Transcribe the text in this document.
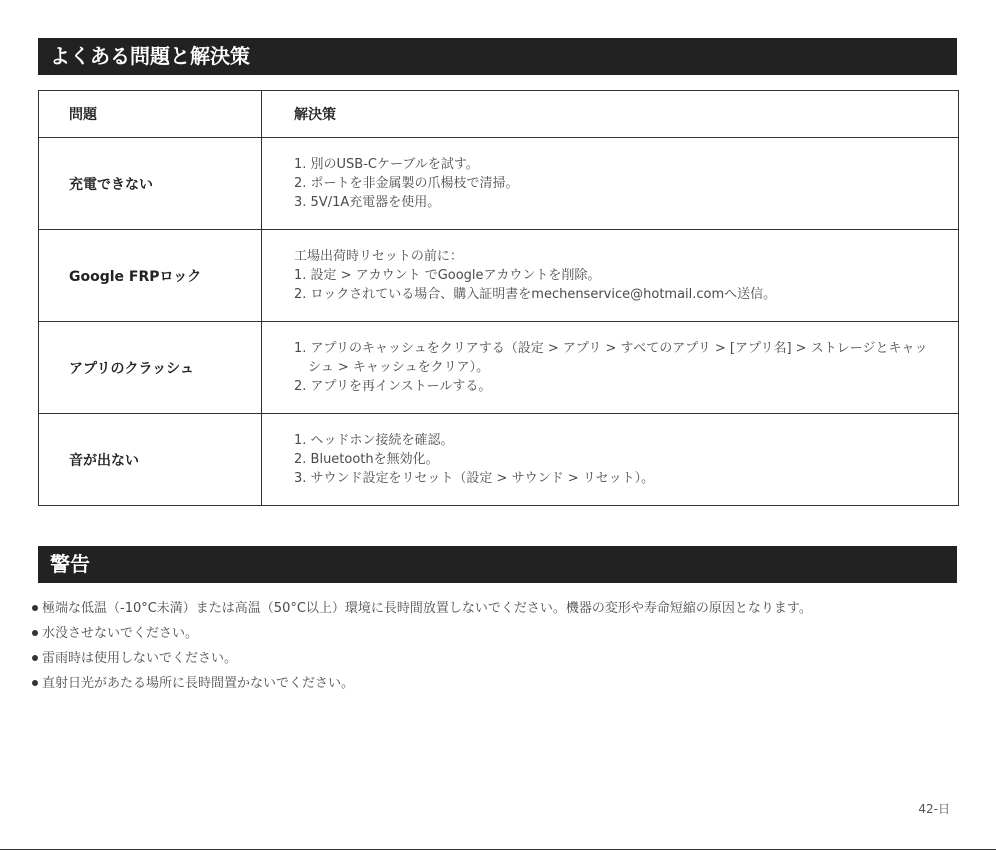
よくある問題と解決策
問題	解決策
充電できない	1. 別のUSB-Cケーブルを試す。
2. ポートを非金属製の爪楊枝で清掃。
3. 5V/1A充電器を使用。

Google FRPロック	工場出荷時リセットの前に：
1. 設定 > アカウント でGoogleアカウントを削除。
2. ロックされている場合、購入証明書をmechenservice@hotmail.comへ送信。

アプリのクラッシュ	1. アプリのキャッシュをクリアする（設定 > アプリ > すべてのアプリ > [アプリ名] > ストレージとキャッ
シュ > キャッシュをクリア）。
2. アプリを再インストールする。

音が出ない	1. ヘッドホン接続を確認。
2. Bluetoothを無効化。
3. サウンド設定をリセット（設定 > サウンド > リセット）。
警告
極端な低温（-10°C未満）または高温（50°C以上）環境に長時間放置しないでください。機器の変形や寿命短縮の原因となります。
水没させないでください。
雷雨時は使用しないでください。
直射日光があたる場所に長時間置かないでください。
42-日
